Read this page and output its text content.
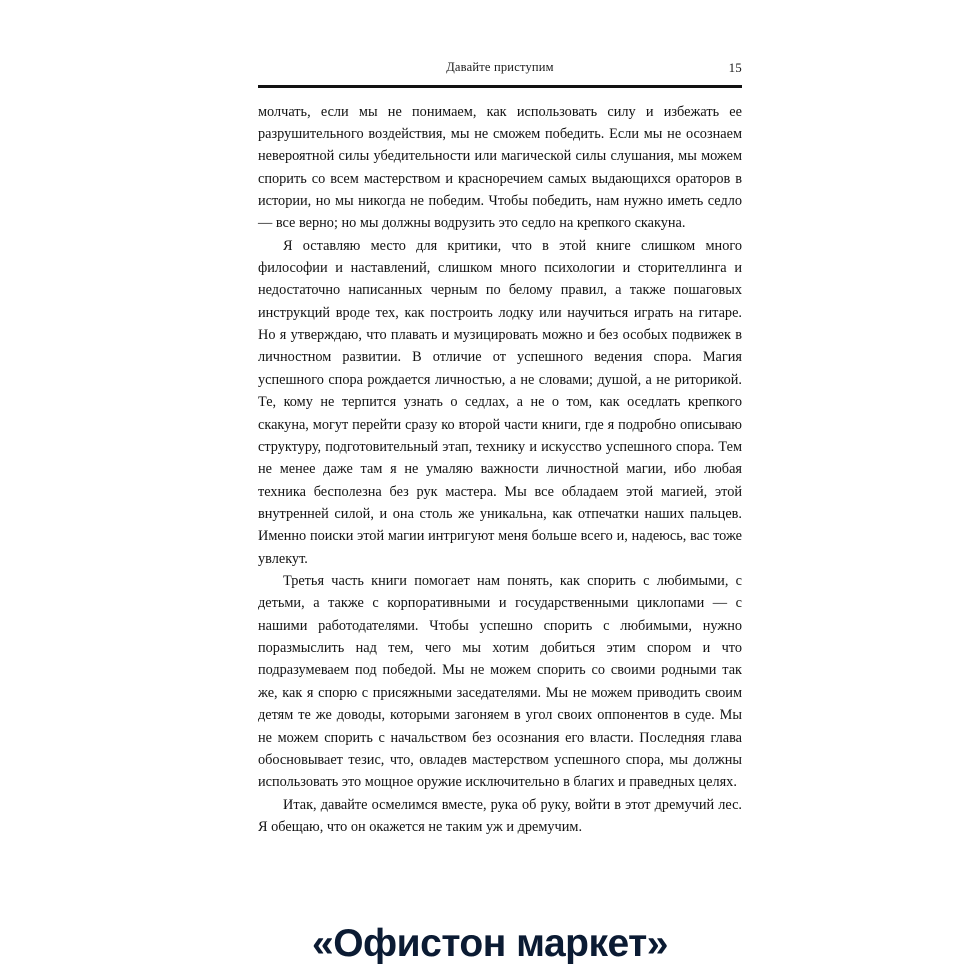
Давайте приступим	15

молчать, если мы не понимаем, как использовать силу и избежать ее разрушительного воздействия, мы не сможем победить. Если мы не осознаем невероятной силы убедительности или магической силы слушания, мы можем спорить со всем мастерством и красноречием самых выдающихся ораторов в истории, но мы никогда не победим. Чтобы победить, нам нужно иметь седло — все верно; но мы должны водрузить это седло на крепкого скакуна.

Я оставляю место для критики, что в этой книге слишком много философии и наставлений, слишком много психологии и сторителлинга и недостаточно написанных черным по белому правил, а также пошаговых инструкций вроде тех, как построить лодку или научиться играть на гитаре. Но я утверждаю, что плавать и музицировать можно и без особых подвижек в личностном развитии. В отличие от успешного ведения спора. Магия успешного спора рождается личностью, а не словами; душой, а не риторикой. Те, кому не терпится узнать о седлах, а не о том, как оседлать крепкого скакуна, могут перейти сразу ко второй части книги, где я подробно описываю структуру, подготовительный этап, технику и искусство успешного спора. Тем не менее даже там я не умаляю важности личностной магии, ибо любая техника бесполезна без рук мастера. Мы все обладаем этой магией, этой внутренней силой, и она столь же уникальна, как отпечатки наших пальцев. Именно поиски этой магии интригуют меня больше всего и, надеюсь, вас тоже увлекут.

Третья часть книги помогает нам понять, как спорить с любимыми, с детьми, а также с корпоративными и государственными циклопами — с нашими работодателями. Чтобы успешно спорить с любимыми, нужно поразмыслить над тем, чего мы хотим добиться этим спором и что подразумеваем под победой. Мы не можем спорить со своими родными так же, как я спорю с присяжными заседателями. Мы не можем приводить своим детям те же доводы, которыми загоняем в угол своих оппонентов в суде. Мы не можем спорить с начальством без осознания его власти. Последняя глава обосновывает тезис, что, овладев мастерством успешного спора, мы должны использовать это мощное оружие исключительно в благих и праведных целях.

Итак, давайте осмелимся вместе, рука об руку, войти в этот дремучий лес. Я обещаю, что он окажется не таким уж и дремучим.

«Офистон маркет»
